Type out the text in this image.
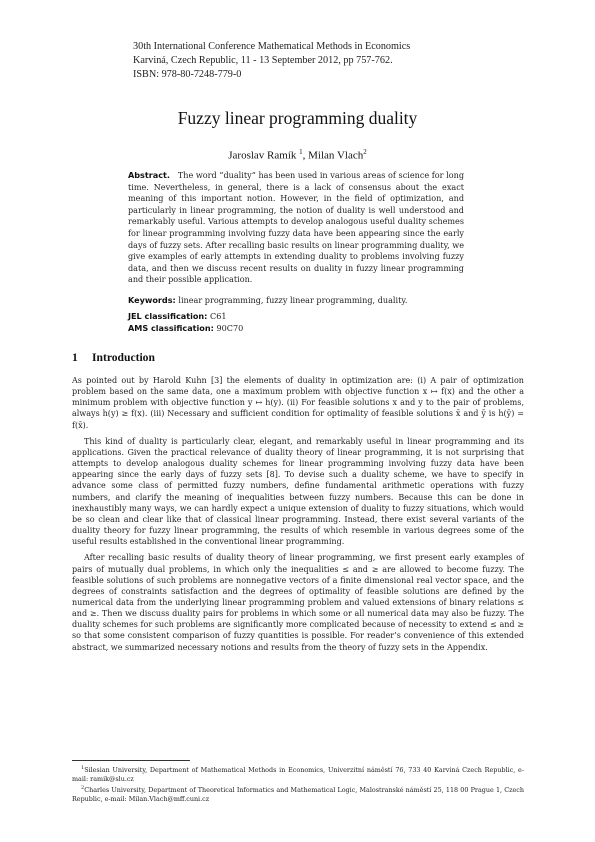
30th International Conference Mathematical Methods in Economics
Karviná, Czech Republic, 11 - 13 September 2012, pp 757-762.
ISBN: 978-80-7248-779-0
Fuzzy linear programming duality
Jaroslav Ramík $^1$, Milan Vlach$^2$
Abstract. The word ”duality” has been used in various areas of science for long time. Nevertheless, in general, there is a lack of consensus about the exact meaning of this important notion. However, in the field of optimization, and particularly in linear programming, the notion of duality is well understood and remarkably useful. Various attempts to develop analogous useful duality schemes for linear programming involving fuzzy data have been appearing since the early days of fuzzy sets. After recalling basic results on linear programming duality, we give examples of early attempts in extending duality to problems involving fuzzy data, and then we discuss recent results on duality in fuzzy linear programming and their possible application.
Keywords: linear programming, fuzzy linear programming, duality.
JEL classification: C61
AMS classification: 90C70
1 Introduction

As pointed out by Harold Kuhn [3] the elements of duality in optimization are: (i) A pair of optimization problem based on the same data, one a maximum problem with objective function x ↦ f(x) and the other a minimum problem with objective function y ↦ h(y). (ii) For feasible solutions x and y to the pair of problems, always h(y) ≥ f(x). (iii) Necessary and sufficient condition for optimality of feasible solutions x̄ and ȳ is h(ȳ) = f(x̄).

This kind of duality is particularly clear, elegant, and remarkably useful in linear programming and its applications. Given the practical relevance of duality theory of linear programming, it is not surprising that attempts to develop analogous duality schemes for linear programming involving fuzzy data have been appearing since the early days of fuzzy sets [8]. To devise such a duality scheme, we have to specify in advance some class of permitted fuzzy numbers, define fundamental arithmetic operations with fuzzy numbers, and clarify the meaning of inequalities between fuzzy numbers. Because this can be done in inexhaustibly many ways, we can hardly expect a unique extension of duality to fuzzy situations, which would be so clean and clear like that of classical linear programming. Instead, there exist several variants of the duality theory for fuzzy linear programming, the results of which resemble in various degrees some of the useful results established in the conventional linear programming.

After recalling basic results of duality theory of linear programming, we first present early examples of pairs of mutually dual problems, in which only the inequalities ≤ and ≥ are allowed to become fuzzy. The feasible solutions of such problems are nonnegative vectors of a finite dimensional real vector space, and the degrees of constraints satisfaction and the degrees of optimality of feasible solutions are defined by the numerical data from the underlying linear programming problem and valued extensions of binary relations ≤ and ≥. Then we discuss duality pairs for problems in which some or all numerical data may also be fuzzy. The duality schemes for such problems are significantly more complicated because of necessity to extend ≤ and ≥ so that some consistent comparison of fuzzy quantities is possible. For reader’s convenience of this extended abstract, we summarized necessary notions and results from the theory of fuzzy sets in the Appendix.

$^1$Silesian University, Department of Mathematical Methods in Economics, Univerzitní náměstí 76, 733 40 Karviná Czech Republic, e-mail: ramik@slu.cz

$^2$Charles University, Department of Theoretical Informatics and Mathematical Logic, Malostranské náměstí 25, 118 00 Prague 1, Czech Republic, e-mail: Milan.Vlach@mff.cuni.cz
